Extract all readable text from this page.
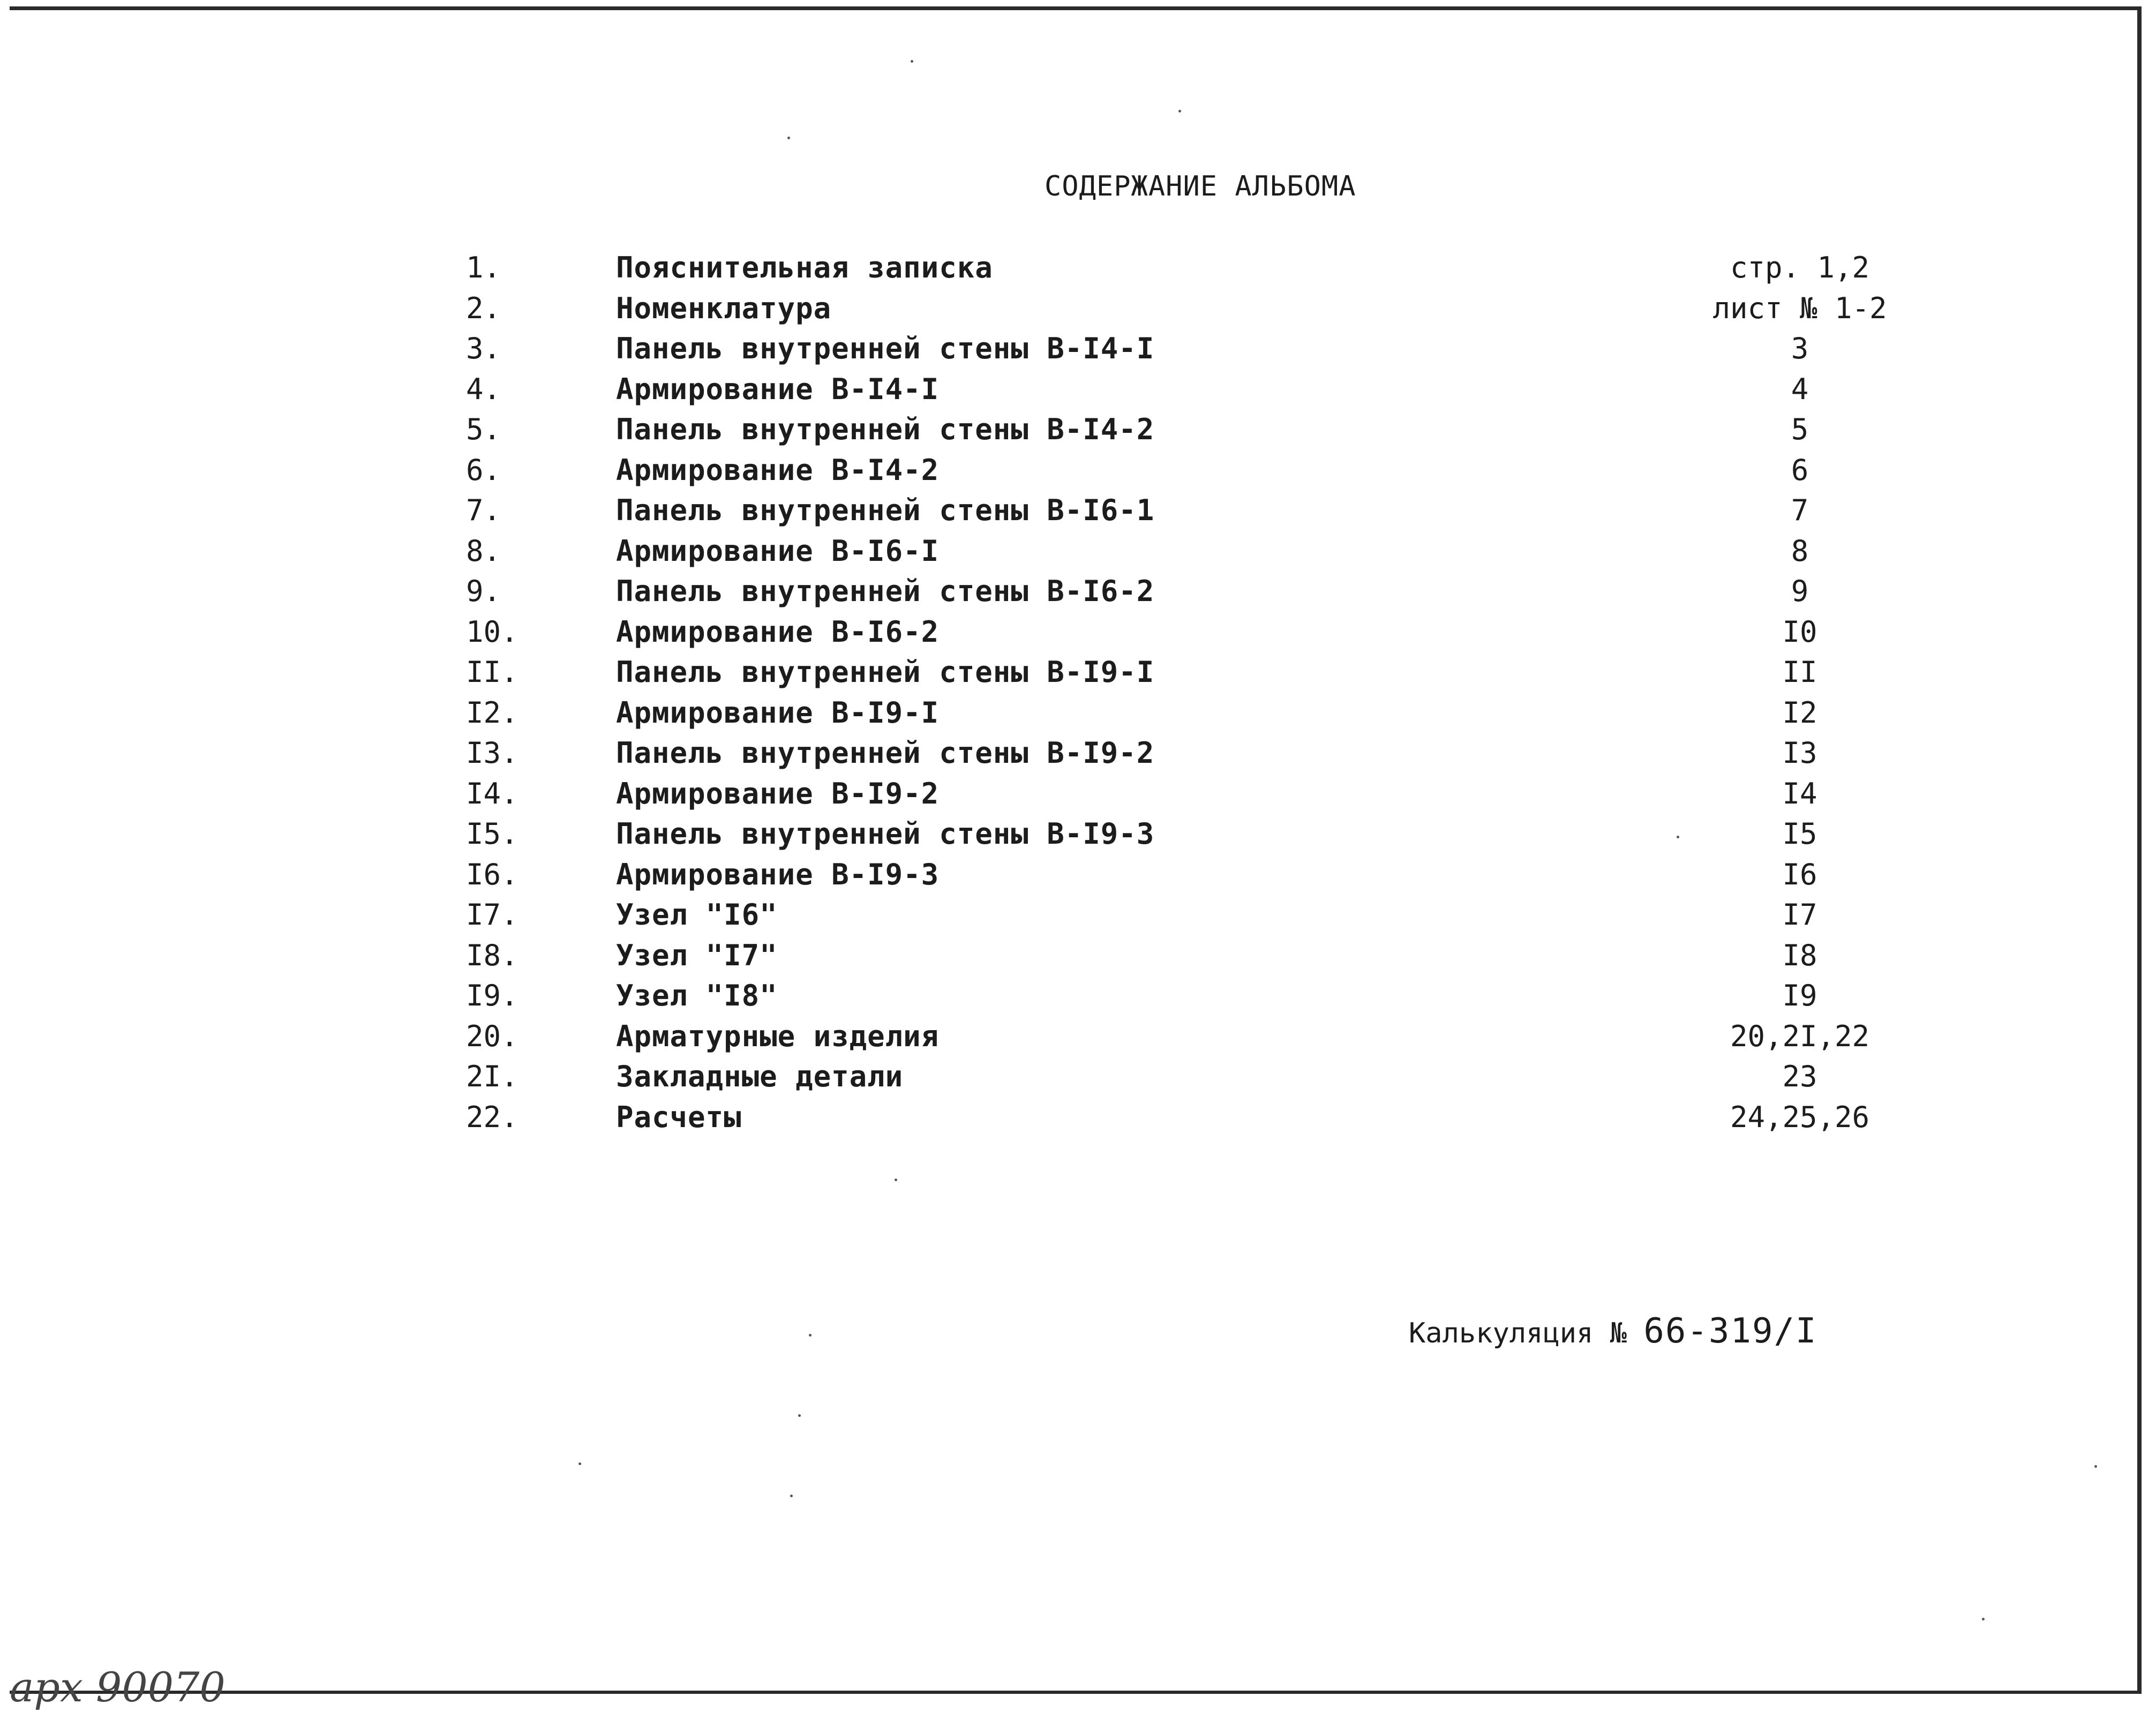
СОДЕРЖАНИЕ АЛЬБОМА
1.	Пояснительная записка	стр. 1,2
2.	Номенклатура	лист № 1-2
3.	Панель внутренней стены В-I4-I	3
4.	Армирование В-I4-I	4
5.	Панель внутренней стены В-I4-2	5
6.	Армирование В-I4-2	6
7.	Панель внутренней стены В-I6-1	7
8.	Армирование В-I6-I	8
9.	Панель внутренней стены В-I6-2	9
10.	Армирование В-I6-2	I0
II.	Панель внутренней стены В-I9-I	II
I2.	Армирование В-I9-I	I2
I3.	Панель внутренней стены В-I9-2	I3
I4.	Армирование В-I9-2	I4
I5.	Панель внутренней стены В-I9-3	I5
I6.	Армирование В-I9-3	I6
I7.	Узел "I6"	I7
I8.	Узел "I7"	I8
I9.	Узел "I8"	I9
20.	Арматурные изделия	20,2I,22
2I.	Закладные детали	23
22.	Расчеты	24,25,26
Калькуляция № 66-319/I
арх 90070
